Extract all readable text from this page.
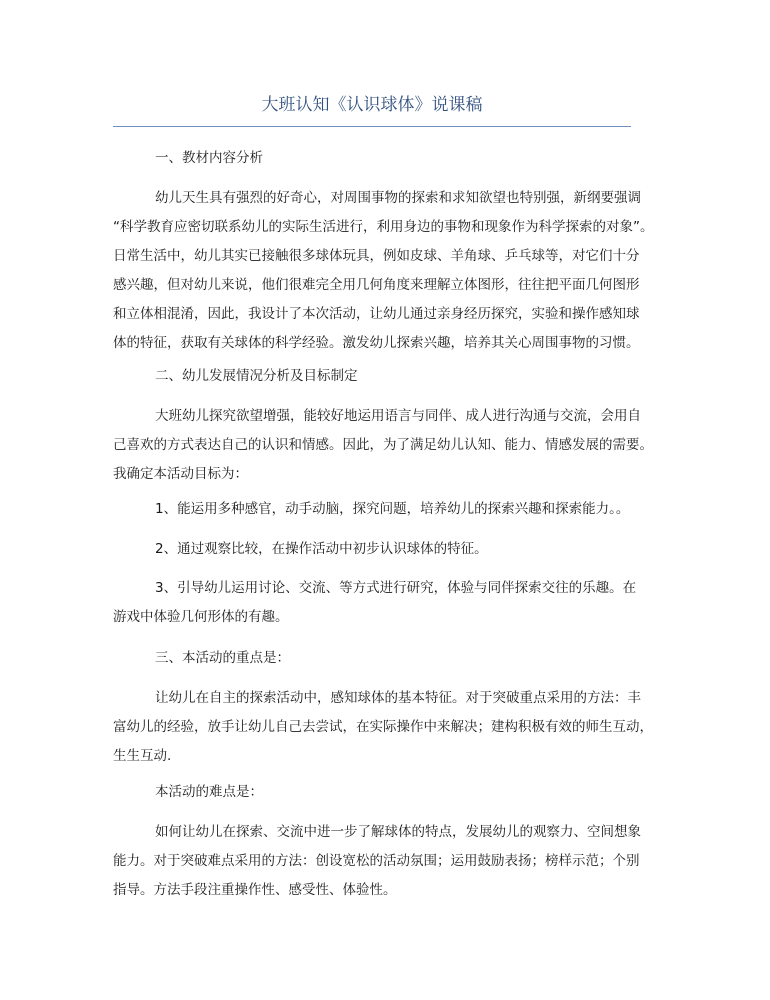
大班认知《认识球体》说课稿
一、教材内容分析
幼儿天生具有强烈的好奇心，对周围事物的探索和求知欲望也特别强，新纲要强调
“科学教育应密切联系幼儿的实际生活进行，利用身边的事物和现象作为科学探索的对象”。
日常生活中，幼儿其实已接触很多球体玩具，例如皮球、羊角球、乒乓球等，对它们十分
感兴趣，但对幼儿来说，他们很难完全用几何角度来理解立体图形，往往把平面几何图形
和立体相混淆，因此，我设计了本次活动，让幼儿通过亲身经历探究，实验和操作感知球
体的特征，获取有关球体的科学经验。激发幼儿探索兴趣，培养其关心周围事物的习惯。
二、幼儿发展情况分析及目标制定
大班幼儿探究欲望增强，能较好地运用语言与同伴、成人进行沟通与交流，会用自
己喜欢的方式表达自己的认识和情感。因此，为了满足幼儿认知、能力、情感发展的需要。
我确定本活动目标为：
1、能运用多种感官，动手动脑，探究问题，培养幼儿的探索兴趣和探索能力。。
2、通过观察比较，在操作活动中初步认识球体的特征。
3、引导幼儿运用讨论、交流、等方式进行研究，体验与同伴探索交往的乐趣。在
游戏中体验几何形体的有趣。
三、本活动的重点是：
让幼儿在自主的探索活动中，感知球体的基本特征。对于突破重点采用的方法：丰
富幼儿的经验，放手让幼儿自己去尝试，在实际操作中来解决；建构积极有效的师生互动，
生生互动.
本活动的难点是：
如何让幼儿在探索、交流中进一步了解球体的特点，发展幼儿的观察力、空间想象
能力。对于突破难点采用的方法：创设宽松的活动氛围；运用鼓励表扬；榜样示范；个别
指导。方法手段注重操作性、感受性、体验性。
